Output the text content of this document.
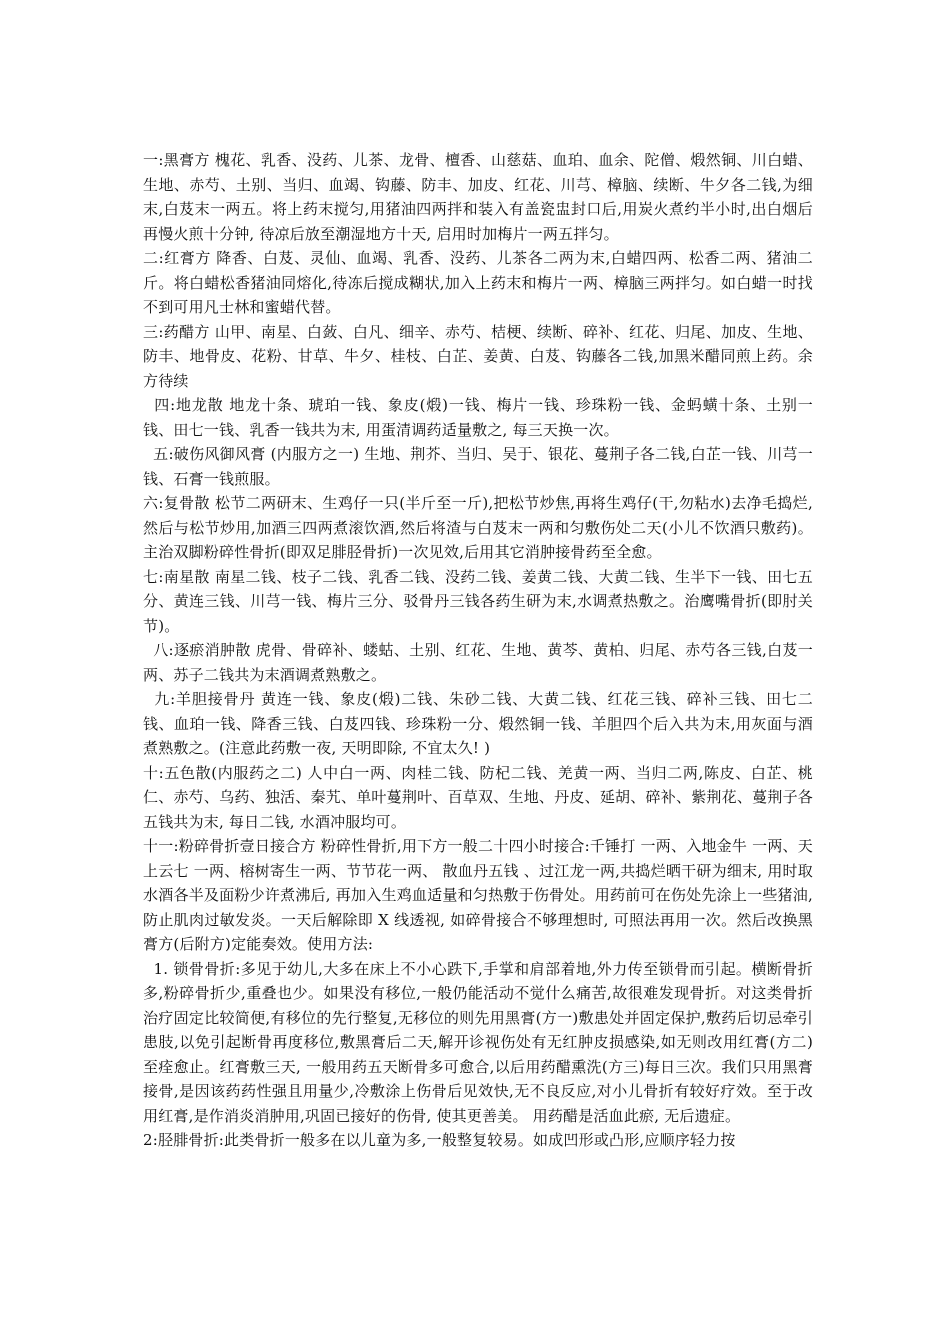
一:黑膏方 槐花、乳香、没药、儿茶、龙骨、檀香、山慈菇、血珀、血余、陀僧、煅然铜、川白蜡、生地、赤芍、土别、当归、血竭、钩藤、防丰、加皮、红花、川芎、樟脑、续断、牛夕各二钱,为细末,白芨末一两五。将上药末搅匀,用猪油四两拌和装入有盖瓷盅封口后,用炭火煮约半小时,出白烟后再慢火煎十分钟, 待凉后放至潮湿地方十天, 启用时加梅片一两五拌匀。

二:红膏方 降香、白芨、灵仙、血竭、乳香、没药、儿茶各二两为末,白蜡四两、松香二两、猪油二斤。将白蜡松香猪油同熔化,待冻后搅成糊状,加入上药末和梅片一两、樟脑三两拌匀。如白蜡一时找不到可用凡士林和蜜蜡代替。

三:药醋方 山甲、南星、白蔹、白凡、细辛、赤芍、桔梗、续断、碎补、红花、归尾、加皮、生地、防丰、地骨皮、花粉、甘草、牛夕、桂枝、白芷、姜黄、白芨、钩藤各二钱,加黑米醋同煎上药。余方待续

四:地龙散 地龙十条、琥珀一钱、象皮(煅)一钱、梅片一钱、珍珠粉一钱、金蚂蟥十条、土别一钱、田七一钱、乳香一钱共为末, 用蛋清调药适量敷之, 每三天换一次。

五:破伤风御风膏 (内服方之一) 生地、荆芥、当归、吴于、银花、蔓荆子各二钱,白芷一钱、川芎一钱、石膏一钱煎服。

六:复骨散 松节二两研末、生鸡仔一只(半斤至一斤),把松节炒焦,再将生鸡仔(干,勿粘水)去净毛捣烂,然后与松节炒用,加酒三四两煮滚饮酒,然后将渣与白芨末一两和匀敷伤处二天(小儿不饮酒只敷药)。  主治双脚粉碎性骨折(即双足腓胫骨折)一次见效,后用其它消肿接骨药至全愈。

七:南星散 南星二钱、枝子二钱、乳香二钱、没药二钱、姜黄二钱、大黄二钱、生半下一钱、田七五分、黄连三钱、川芎一钱、梅片三分、驳骨丹三钱各药生研为末,水调煮热敷之。治鹰嘴骨折(即肘关节)。

八:逐瘀消肿散 虎骨、骨碎补、蝼蛄、土别、红花、生地、黄芩、黄柏、归尾、赤芍各三钱,白芨一两、苏子二钱共为末酒调煮熟敷之。

九:羊胆接骨丹 黄连一钱、象皮(煅)二钱、朱砂二钱、大黄二钱、红花三钱、碎补三钱、田七二钱、血珀一钱、降香三钱、白芨四钱、珍珠粉一分、煅然铜一钱、羊胆四个后入共为末,用灰面与酒煮熟敷之。(注意此药敷一夜, 天明即除, 不宜太久! )

十:五色散(内服药之二) 人中白一两、肉桂二钱、防杞二钱、羌黄一两、当归二两,陈皮、白芷、桃仁、赤芍、乌药、独活、秦艽、单叶蔓荆叶、百草双、生地、丹皮、延胡、碎补、紫荆花、蔓荆子各五钱共为末, 每日二钱, 水酒冲服均可。

十一:粉碎骨折壹日接合方 粉碎性骨折,用下方一般二十四小时接合:千锤打 一两、入地金牛 一两、天上云七 一两、榕树寄生一两、节节花一两、 散血丹五钱 、过江龙一两,共捣烂晒干研为细末, 用时取水酒各半及面粉少许煮沸后, 再加入生鸡血适量和匀热敷于伤骨处。用药前可在伤处先涂上一些猪油, 防止肌肉过敏发炎。一天后解除即 X 线透视, 如碎骨接合不够理想时, 可照法再用一次。然后改换黑膏方(后附方)定能奏效。使用方法:

1. 锁骨骨折:多见于幼儿,大多在床上不小心跌下,手掌和肩部着地,外力传至锁骨而引起。横断骨折多,粉碎骨折少,重叠也少。如果没有移位,一般仍能活动不觉什么痛苦,故很难发现骨折。对这类骨折治疗固定比较简便,有移位的先行整复,无移位的则先用黑膏(方一)敷患处并固定保护,敷药后切忌牵引患肢,以免引起断骨再度移位,敷黑膏后二天,解开诊视伤处有无红肿皮损感染,如无则改用红膏(方二)至痊愈止。红膏敷三天, 一般用药五天断骨多可愈合,以后用药醋熏洗(方三)每日三次。我们只用黑膏接骨,是因该药药性强且用量少,冷敷涂上伤骨后见效快,无不良反应,对小儿骨折有较好疗效。至于改用红膏,是作消炎消肿用,巩固已接好的伤骨, 使其更善美。 用药醋是活血此瘀, 无后遗症。

2:胫腓骨折:此类骨折一般多在以儿童为多,一般整复较易。如成凹形或凸形,应顺序轻力按
